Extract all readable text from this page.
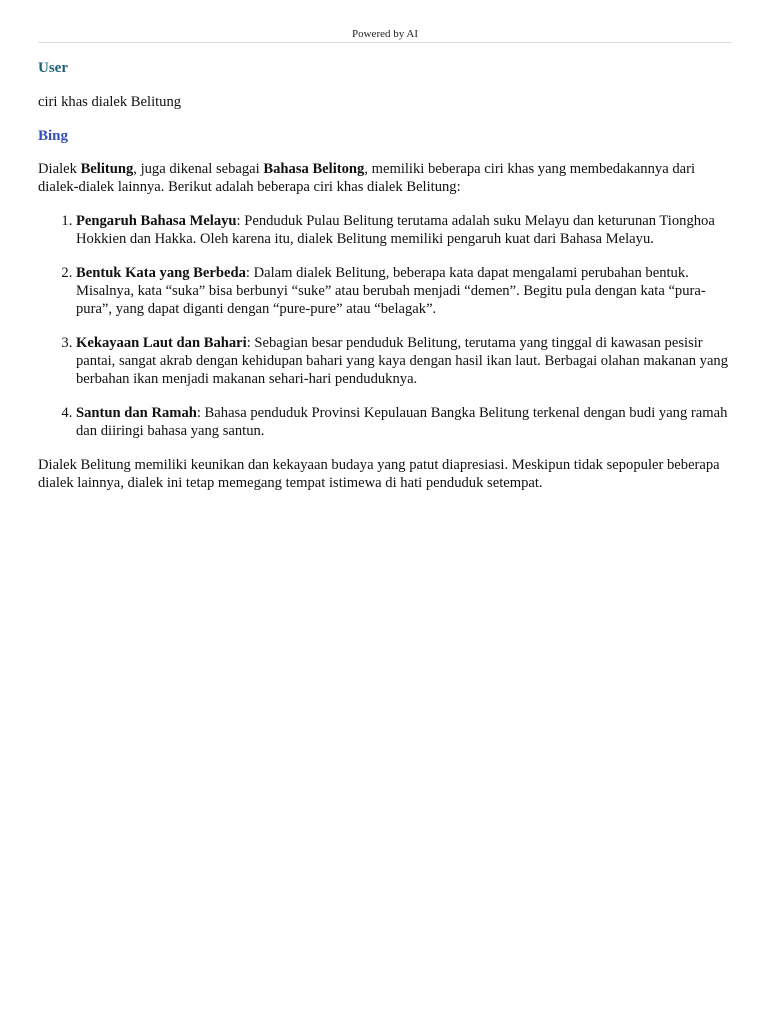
Powered by AI
User

ciri khas dialek Belitung

Bing

Dialek Belitung, juga dikenal sebagai Bahasa Belitong, memiliki beberapa ciri khas yang membedakannya dari dialek-dialek lainnya. Berikut adalah beberapa ciri khas dialek Belitung:

1. Pengaruh Bahasa Melayu: Penduduk Pulau Belitung terutama adalah suku Melayu dan keturunan Tionghoa Hokkien dan Hakka. Oleh karena itu, dialek Belitung memiliki pengaruh kuat dari Bahasa Melayu.
2. Bentuk Kata yang Berbeda: Dalam dialek Belitung, beberapa kata dapat mengalami perubahan bentuk. Misalnya, kata “suka” bisa berbunyi “suke” atau berubah menjadi “demen”. Begitu pula dengan kata “pura-pura”, yang dapat diganti dengan “pure-pure” atau “belagak”.
3. Kekayaan Laut dan Bahari: Sebagian besar penduduk Belitung, terutama yang tinggal di kawasan pesisir pantai, sangat akrab dengan kehidupan bahari yang kaya dengan hasil ikan laut. Berbagai olahan makanan yang berbahan ikan menjadi makanan sehari-hari penduduknya.
4. Santun dan Ramah: Bahasa penduduk Provinsi Kepulauan Bangka Belitung terkenal dengan budi yang ramah dan diiringi bahasa yang santun.

Dialek Belitung memiliki keunikan dan kekayaan budaya yang patut diapresiasi. Meskipun tidak sepopuler beberapa dialek lainnya, dialek ini tetap memegang tempat istimewa di hati penduduk setempat.
